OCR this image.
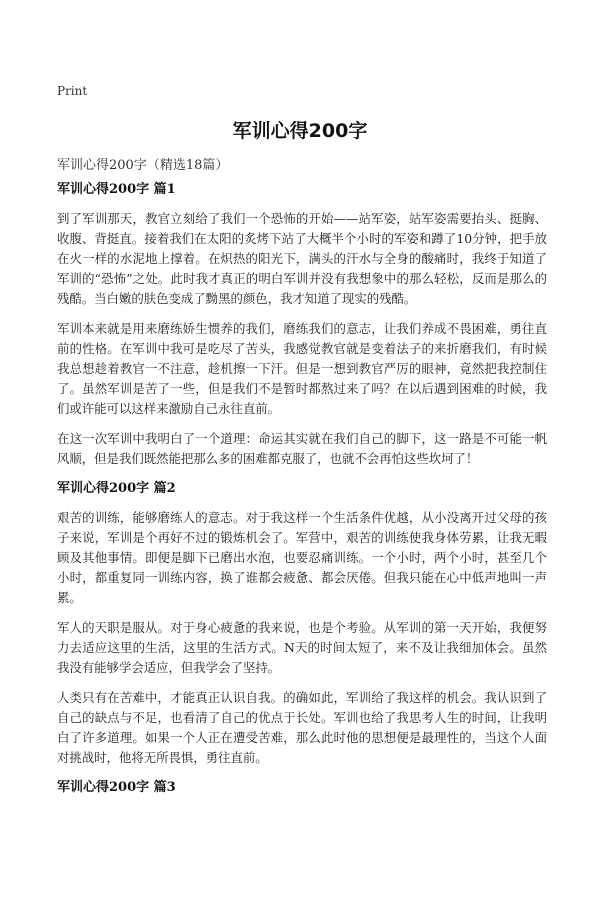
Print
军训心得200字
军训心得200字（精选18篇）
军训心得200字 篇1

到了军训那天，教官立刻给了我们一个恐怖的开始——站军姿，站军姿需要抬头、挺胸、收腹、背挺直。接着我们在太阳的炙烤下站了大概半个小时的军姿和蹲了10分钟，把手放在火一样的水泥地上撑着。在炽热的阳光下，满头的汗水与全身的酸痛时，我终于知道了军训的“恐怖”之处。此时我才真正的明白军训并没有我想象中的那么轻松，反而是那么的残酷。当白嫩的肤色变成了黝黑的颜色，我才知道了现实的残酷。

军训本来就是用来磨练娇生惯养的我们，磨练我们的意志，让我们养成不畏困难，勇往直前的性格。在军训中我可是吃尽了苦头，我感觉教官就是变着法子的来折磨我们，有时候我总想趁着教官一不注意，趁机擦一下汗。但是一想到教官严厉的眼神，竟然把我控制住了。虽然军训是苦了一些，但是我们不是暂时都熬过来了吗？在以后遇到困难的时候，我们或许能可以这样来激励自己永往直前。

在这一次军训中我明白了一个道理：命运其实就在我们自己的脚下，这一路是不可能一帆风顺，但是我们既然能把那么多的困难都克服了，也就不会再怕这些坎坷了！

军训心得200字 篇2

艰苦的训练，能够磨练人的意志。对于我这样一个生活条件优越，从小没离开过父母的孩子来说，军训是个再好不过的锻炼机会了。军营中，艰苦的训练使我身体劳累，让我无暇顾及其他事情。即便是脚下已磨出水泡，也要忍痛训练。一个小时，两个小时，甚至几个小时，都重复同一训练内容，换了谁都会疲惫、都会厌倦。但我只能在心中低声地叫一声累。

军人的天职是服从。对于身心疲惫的我来说，也是个考验。从军训的第一天开始，我便努力去适应这里的生活，这里的生活方式。N天的时间太短了，来不及让我细加体会。虽然我没有能够学会适应，但我学会了坚持。

人类只有在苦难中，才能真正认识自我。的确如此，军训给了我这样的机会。我认识到了自己的缺点与不足，也看清了自己的优点于长处。军训也给了我思考人生的时间，让我明白了许多道理。如果一个人正在遭受苦难，那么此时他的思想便是最理性的，当这个人面对挑战时，他将无所畏惧，勇往直前。

军训心得200字 篇3
